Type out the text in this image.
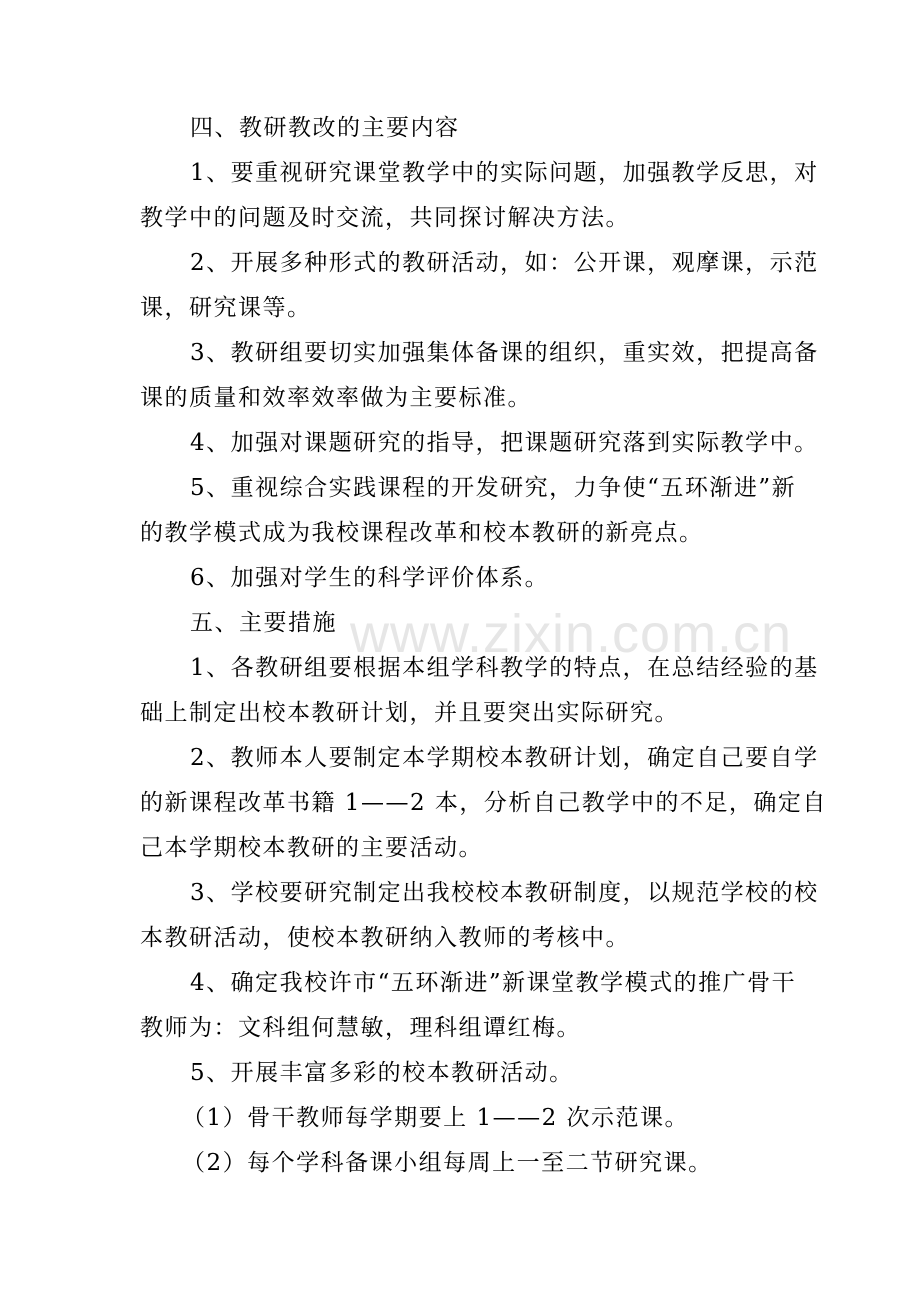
www.zixin.com.cn
四、教研教改的主要内容
1、要重视研究课堂教学中的实际问题，加强教学反思，对
教学中的问题及时交流，共同探讨解决方法。
2、开展多种形式的教研活动，如：公开课，观摩课，示范
课，研究课等。
3、教研组要切实加强集体备课的组织，重实效，把提高备
课的质量和效率效率做为主要标准。
4、加强对课题研究的指导，把课题研究落到实际教学中。
5、重视综合实践课程的开发研究，力争使“五环渐进”新
的教学模式成为我校课程改革和校本教研的新亮点。
6、加强对学生的科学评价体系。
五、主要措施
1、各教研组要根据本组学科教学的特点，在总结经验的基
础上制定出校本教研计划，并且要突出实际研究。
2、教师本人要制定本学期校本教研计划，确定自己要自学
的新课程改革书籍 1——2 本，分析自己教学中的不足，确定自
己本学期校本教研的主要活动。
3、学校要研究制定出我校校本教研制度，以规范学校的校
本教研活动，使校本教研纳入教师的考核中。
4、确定我校许市“五环渐进”新课堂教学模式的推广骨干
教师为：文科组何慧敏，理科组谭红梅。
5、开展丰富多彩的校本教研活动。
（1）骨干教师每学期要上 1——2 次示范课。
（2）每个学科备课小组每周上一至二节研究课。
